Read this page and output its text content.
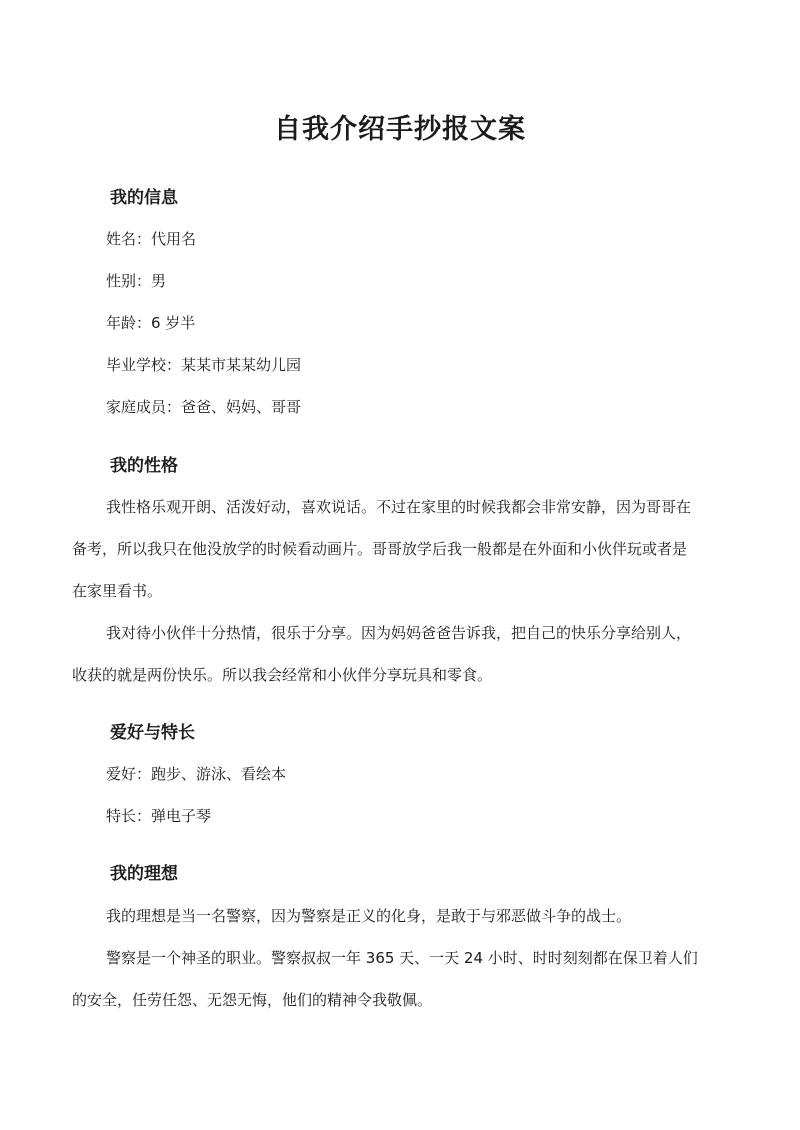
自我介绍手抄报文案
我的信息
姓名：代用名
性别：男
年龄：6 岁半
毕业学校：某某市某某幼儿园
家庭成员：爸爸、妈妈、哥哥
我的性格
我性格乐观开朗、活泼好动，喜欢说话。不过在家里的时候我都会非常安静，因为哥哥在
备考，所以我只在他没放学的时候看动画片。哥哥放学后我一般都是在外面和小伙伴玩或者是
在家里看书。
我对待小伙伴十分热情，很乐于分享。因为妈妈爸爸告诉我，把自己的快乐分享给别人，
收获的就是两份快乐。所以我会经常和小伙伴分享玩具和零食。
爱好与特长
爱好：跑步、游泳、看绘本
特长：弹电子琴
我的理想
我的理想是当一名警察，因为警察是正义的化身，是敢于与邪恶做斗争的战士。
警察是一个神圣的职业。警察叔叔一年 365 天、一天 24 小时、时时刻刻都在保卫着人们
的安全，任劳任怨、无怨无悔，他们的精神令我敬佩。
